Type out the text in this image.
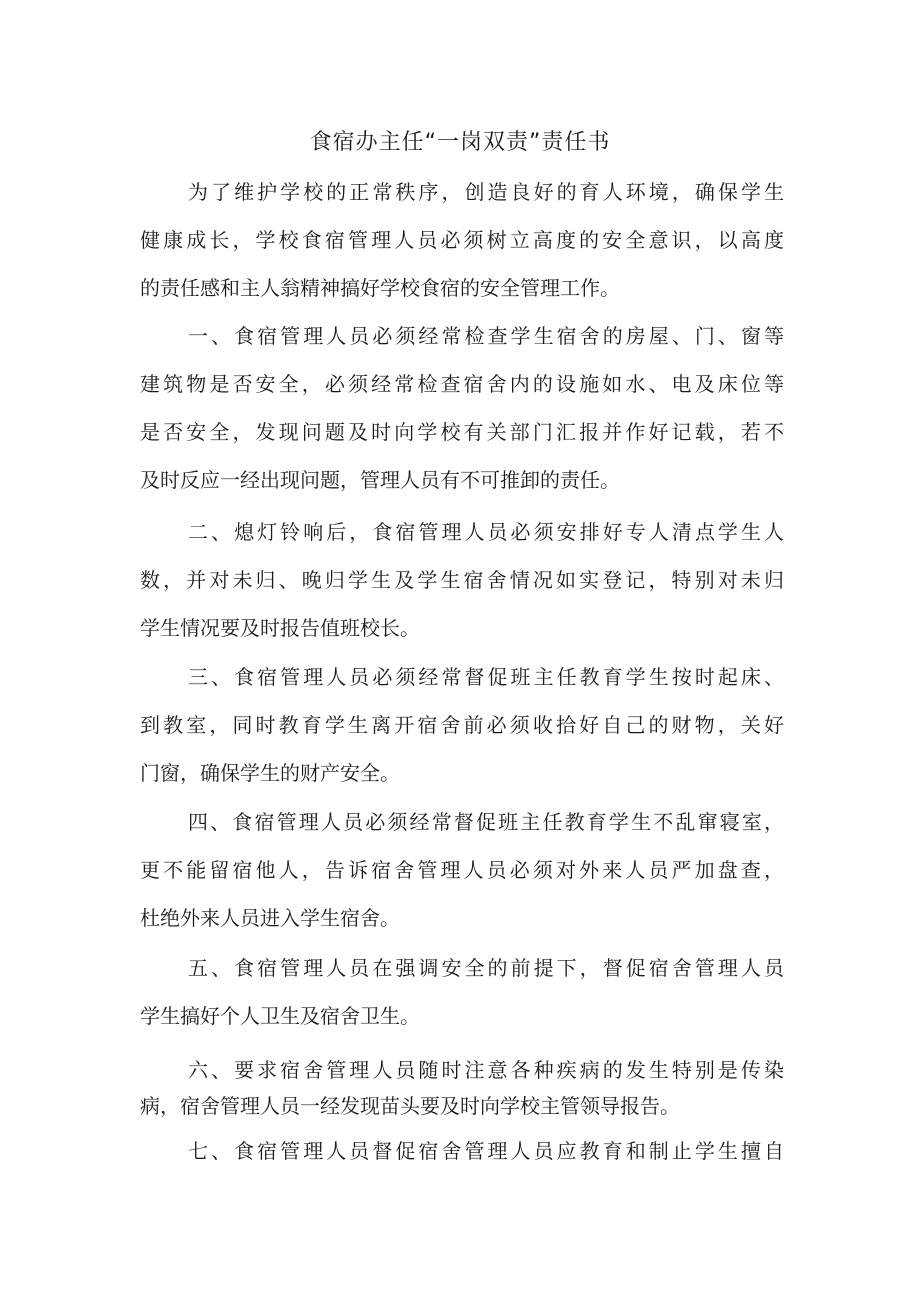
食宿办主任“一岗双责”责任书

为了维护学校的正常秩序，创造良好的育人环境，确保学生
健康成长，学校食宿管理人员必须树立高度的安全意识，以高度
的责任感和主人翁精神搞好学校食宿的安全管理工作。

一、食宿管理人员必须经常检查学生宿舍的房屋、门、窗等
建筑物是否安全，必须经常检查宿舍内的设施如水、电及床位等
是否安全，发现问题及时向学校有关部门汇报并作好记载，若不
及时反应一经出现问题，管理人员有不可推卸的责任。

二、熄灯铃响后，食宿管理人员必须安排好专人清点学生人
数，并对未归、晚归学生及学生宿舍情况如实登记，特别对未归
学生情况要及时报告值班校长。

三、食宿管理人员必须经常督促班主任教育学生按时起床、
到教室，同时教育学生离开宿舍前必须收拾好自己的财物，关好
门窗，确保学生的财产安全。

四、食宿管理人员必须经常督促班主任教育学生不乱窜寝室，
更不能留宿他人，告诉宿舍管理人员必须对外来人员严加盘查，
杜绝外来人员进入学生宿舍。

五、食宿管理人员在强调安全的前提下，督促宿舍管理人员
学生搞好个人卫生及宿舍卫生。

六、要求宿舍管理人员随时注意各种疾病的发生特别是传染
病，宿舍管理人员一经发现苗头要及时向学校主管领导报告。

七、食宿管理人员督促宿舍管理人员应教育和制止学生擅自
